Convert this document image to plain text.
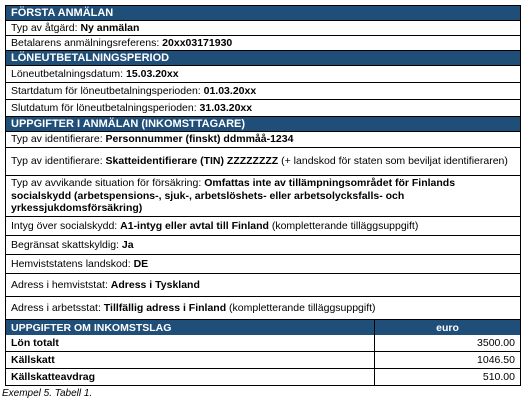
FÖRSTA ANMÄLAN
Typ av åtgärd: Ny anmälan
Betalarens anmälningsreferens: 20xx03171930
LÖNEUTBETALNINGSPERIOD
Löneutbetalningsdatum: 15.03.20xx
Startdatum för löneutbetalningsperioden: 01.03.20xx
Slutdatum för löneutbetalningsperioden: 31.03.20xx
UPPGIFTER I ANMÄLAN (INKOMSTTAGARE)
Typ av identifierare: Personnummer (finskt) ddmmåå-1234
Typ av identifierare: Skatteidentifierare (TIN) ZZZZZZZZ (+ landskod för staten som beviljat identifieraren)
Typ av avvikande situation för försäkring: Omfattas inte av tillämpningsområdet för Finlands socialskydd (arbetspensions-, sjuk-, arbetslöshets- eller arbetsolycksfalls- och yrkessjukdomsförsäkring)
Intyg över socialskydd: A1-intyg eller avtal till Finland (kompletterande tilläggsuppgift)
Begränsat skattskyldig: Ja
Hemviststatens landskod: DE
Adress i hemviststat: Adress i Tyskland
Adress i arbetsstat: Tillfällig adress i Finland (kompletterande tilläggsuppgift)
UPPGIFTER OM INKOMSTSLAG	euro
Lön totalt	3500.00
Källskatt	1046.50
Källskatteavdrag	510.00
Exempel 5. Tabell 1.
